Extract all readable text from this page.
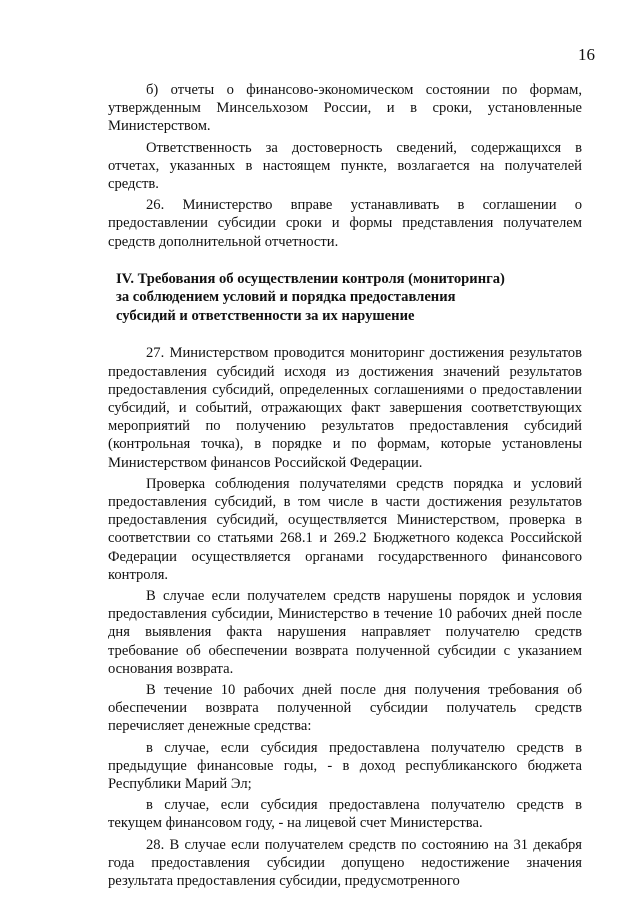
16

б) отчеты о финансово-экономическом состоянии по формам, утвержденным Минсельхозом России, и в сроки, установленные Министерством.

Ответственность за достоверность сведений, содержащихся в отчетах, указанных в настоящем пункте, возлагается на получателей средств.

26. Министерство вправе устанавливать в соглашении о предоставлении субсидии сроки и формы представления получателем средств дополнительной отчетности.

IV. Требования об осуществлении контроля (мониторинга)
за соблюдением условий и порядка предоставления
субсидий и ответственности за их нарушение

27. Министерством проводится мониторинг достижения результатов предоставления субсидий исходя из достижения значений результатов предоставления субсидий, определенных соглашениями о предоставлении субсидий, и событий, отражающих факт завершения соответствующих мероприятий по получению результатов предоставления субсидий (контрольная точка), в порядке и по формам, которые установлены Министерством финансов Российской Федерации.

Проверка соблюдения получателями средств порядка и условий предоставления субсидий, в том числе в части достижения результатов предоставления субсидий, осуществляется Министерством, проверка в соответствии со статьями 268.1 и 269.2 Бюджетного кодекса Российской Федерации осуществляется органами государственного финансового контроля.

В случае если получателем средств нарушены порядок и условия предоставления субсидии, Министерство в течение 10 рабочих дней после дня выявления факта нарушения направляет получателю средств требование об обеспечении возврата полученной субсидии с указанием основания возврата.

В течение 10 рабочих дней после дня получения требования об обеспечении возврата полученной субсидии получатель средств перечисляет денежные средства:

в случае, если субсидия предоставлена получателю средств в предыдущие финансовые годы, - в доход республиканского бюджета Республики Марий Эл;

в случае, если субсидия предоставлена получателю средств в текущем финансовом году, - на лицевой счет Министерства.

28. В случае если получателем средств по состоянию на 31 декабря года предоставления субсидии допущено недостижение значения результата предоставления субсидии, предусмотренного
